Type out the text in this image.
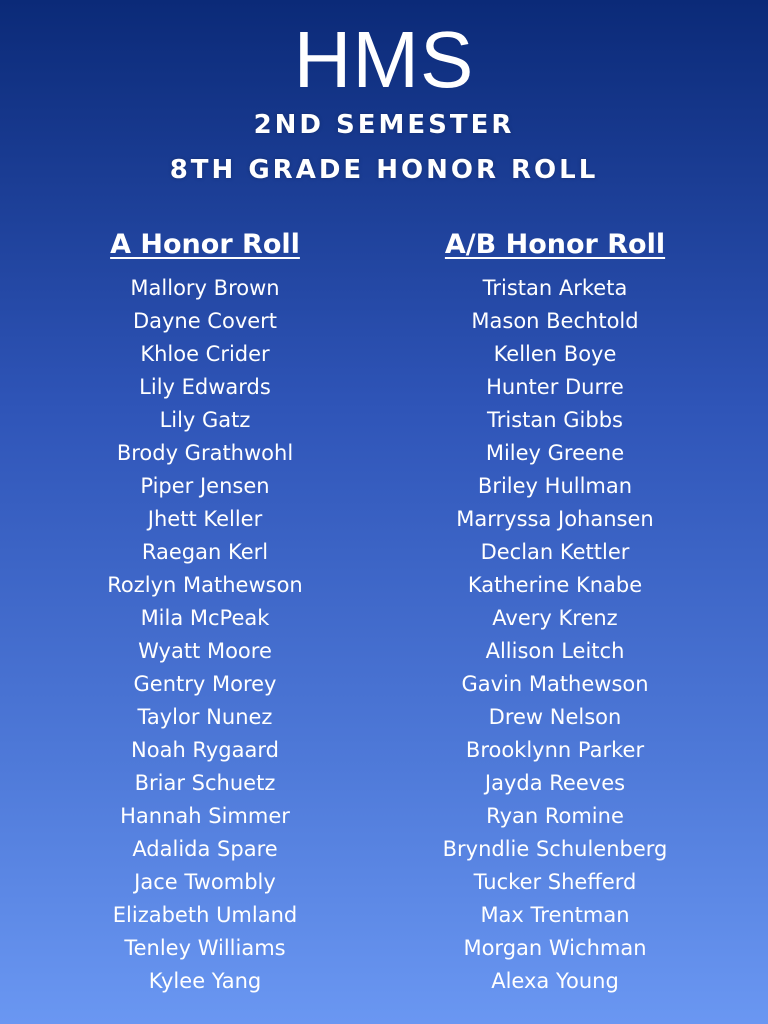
HMS
2ND SEMESTER
8TH GRADE HONOR ROLL
A Honor Roll
Mallory Brown
Dayne Covert
Khloe Crider
Lily Edwards
Lily Gatz
Brody Grathwohl
Piper Jensen
Jhett Keller
Raegan Kerl
Rozlyn Mathewson
Mila McPeak
Wyatt Moore
Gentry Morey
Taylor Nunez
Noah Rygaard
Briar Schuetz
Hannah Simmer
Adalida Spare
Jace Twombly
Elizabeth Umland
Tenley Williams
Kylee Yang
A/B Honor Roll
Tristan Arketa
Mason Bechtold
Kellen Boye
Hunter Durre
Tristan Gibbs
Miley Greene
Briley Hullman
Marryssa Johansen
Declan Kettler
Katherine Knabe
Avery Krenz
Allison Leitch
Gavin Mathewson
Drew Nelson
Brooklynn Parker
Jayda Reeves
Ryan Romine
Bryndlie Schulenberg
Tucker Shefferd
Max Trentman
Morgan Wichman
Alexa Young
